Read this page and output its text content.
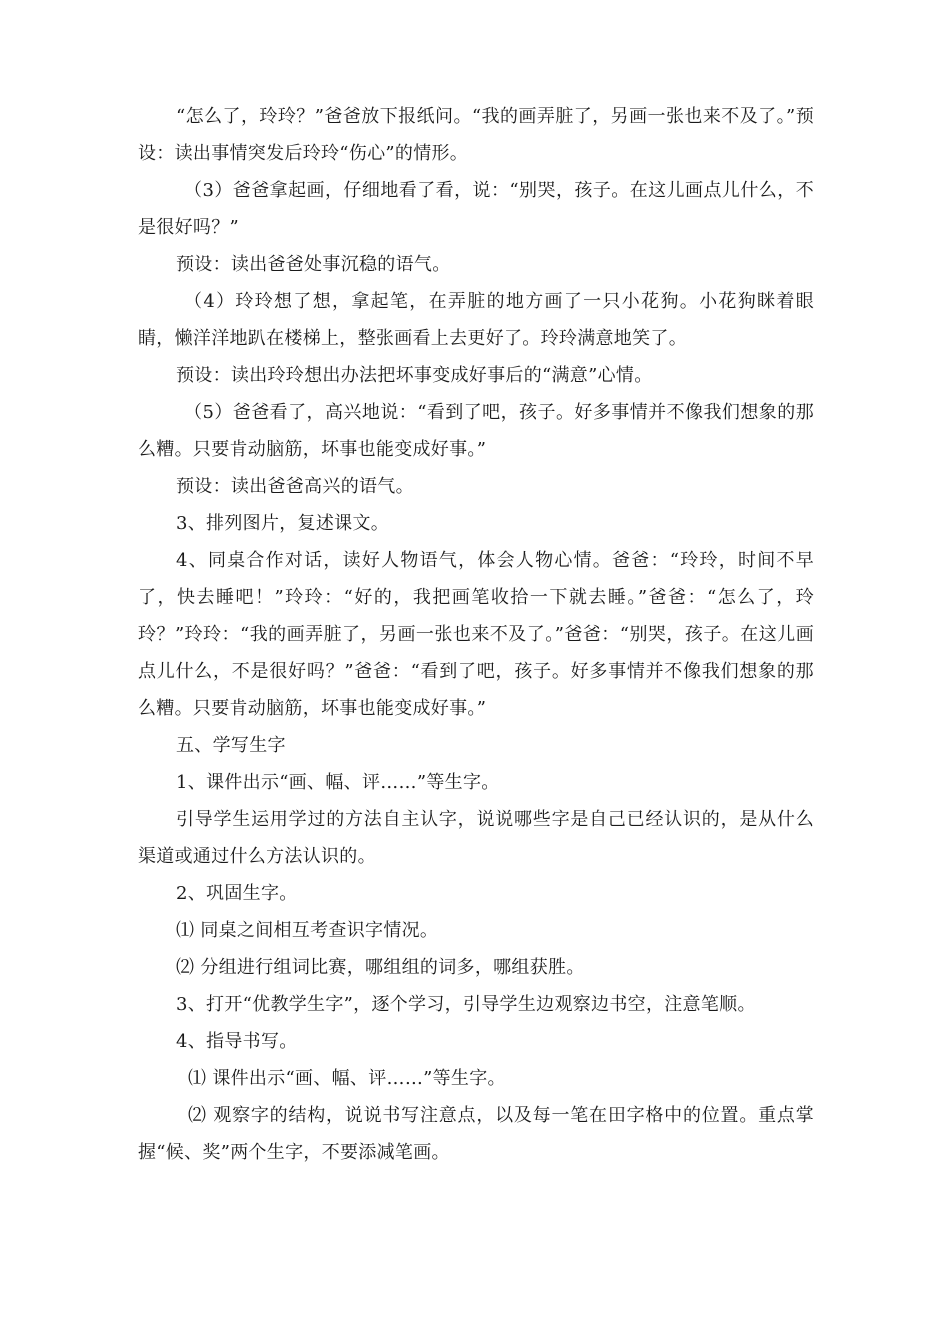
“怎么了，玲玲？”爸爸放下报纸问。“我的画弄脏了，另画一张也来不及了。”预设：读出事情突发后玲玲“伤心”的情形。

（3）爸爸拿起画，仔细地看了看，说：“别哭，孩子。在这儿画点儿什么，不是很好吗？”

预设：读出爸爸处事沉稳的语气。

（4）玲玲想了想，拿起笔，在弄脏的地方画了一只小花狗。小花狗眯着眼睛，懒洋洋地趴在楼梯上，整张画看上去更好了。玲玲满意地笑了。

预设：读出玲玲想出办法把坏事变成好事后的“满意”心情。

（5）爸爸看了，高兴地说：“看到了吧，孩子。好多事情并不像我们想象的那么糟。只要肯动脑筋，坏事也能变成好事。”

预设：读出爸爸高兴的语气。

3、排列图片，复述课文。

4、同桌合作对话，读好人物语气，体会人物心情。爸爸：“玲玲，时间不早了，快去睡吧！”玲玲：“好的，我把画笔收拾一下就去睡。”爸爸：“怎么了，玲玲？”玲玲：“我的画弄脏了，另画一张也来不及了。”爸爸：“别哭，孩子。在这儿画点儿什么，不是很好吗？”爸爸：“看到了吧，孩子。好多事情并不像我们想象的那么糟。只要肯动脑筋，坏事也能变成好事。”

五、学写生字

1、课件出示“画、幅、评……”等生字。

引导学生运用学过的方法自主认字，说说哪些字是自己已经认识的，是从什么渠道或通过什么方法认识的。

2、巩固生字。

⑴ 同桌之间相互考查识字情况。

⑵ 分组进行组词比赛，哪组组的词多，哪组获胜。

3、打开“优教学生字”，逐个学习，引导学生边观察边书空，注意笔顺。

4、指导书写。

⑴ 课件出示“画、幅、评……”等生字。

⑵ 观察字的结构，说说书写注意点，以及每一笔在田字格中的位置。重点掌握“候、奖”两个生字，不要添减笔画。
